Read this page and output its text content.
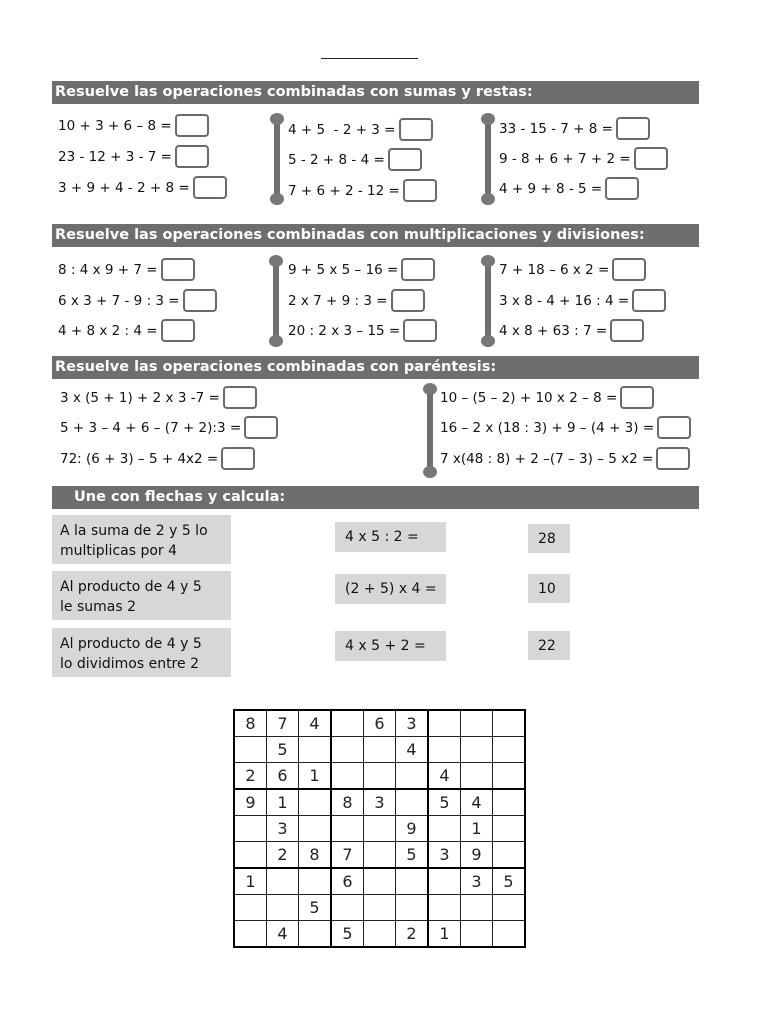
Resuelve las operaciones combinadas con sumas y restas:
10 + 3 + 6 – 8 =
23 - 12 + 3 - 7 =
3 + 9 + 4 - 2 + 8 =
4 + 5  - 2 + 3 =
5 - 2 + 8 - 4 =
7 + 6 + 2 - 12 =
33 - 15 - 7 + 8 =
9 - 8 + 6 + 7 + 2 =
4 + 9 + 8 - 5 =
Resuelve las operaciones combinadas con multiplicaciones y divisiones:
8 : 4 x 9 + 7 =
6 x 3 + 7 - 9 : 3 =
4 + 8 x 2 : 4 =
9 + 5 x 5 – 16 =
2 x 7 + 9 : 3 =
20 : 2 x 3 – 15 =
7 + 18 – 6 x 2 =
3 x 8 - 4 + 16 : 4 =
4 x 8 + 63 : 7 =
Resuelve las operaciones combinadas con paréntesis:
3 x (5 + 1) + 2 x 3 -7 =
5 + 3 – 4 + 6 – (7 + 2):3 =
72: (6 + 3) – 5 + 4x2 =
10 – (5 – 2) + 10 x 2 – 8 =
16 – 2 x (18 : 3) + 9 – (4 + 3) =
7 x(48 : 8) + 2 –(7 – 3) – 5 x2 =
Une con flechas y calcula:
A la suma de 2 y 5 lo
multiplicas por 4
Al producto de 4 y 5
le sumas 2
Al producto de 4 y 5
lo dividimos entre 2
4 x 5 : 2 =
(2 + 5) x 4 =
4 x 5 + 2 =
28
10
22
8	7	4		6	3			
	5				4			
2	6	1				4		
9	1		8	3		5	4	
	3				9		1	
	2	8	7		5	3	9	
1			6				3	5
		5						
	4		5		2	1		
